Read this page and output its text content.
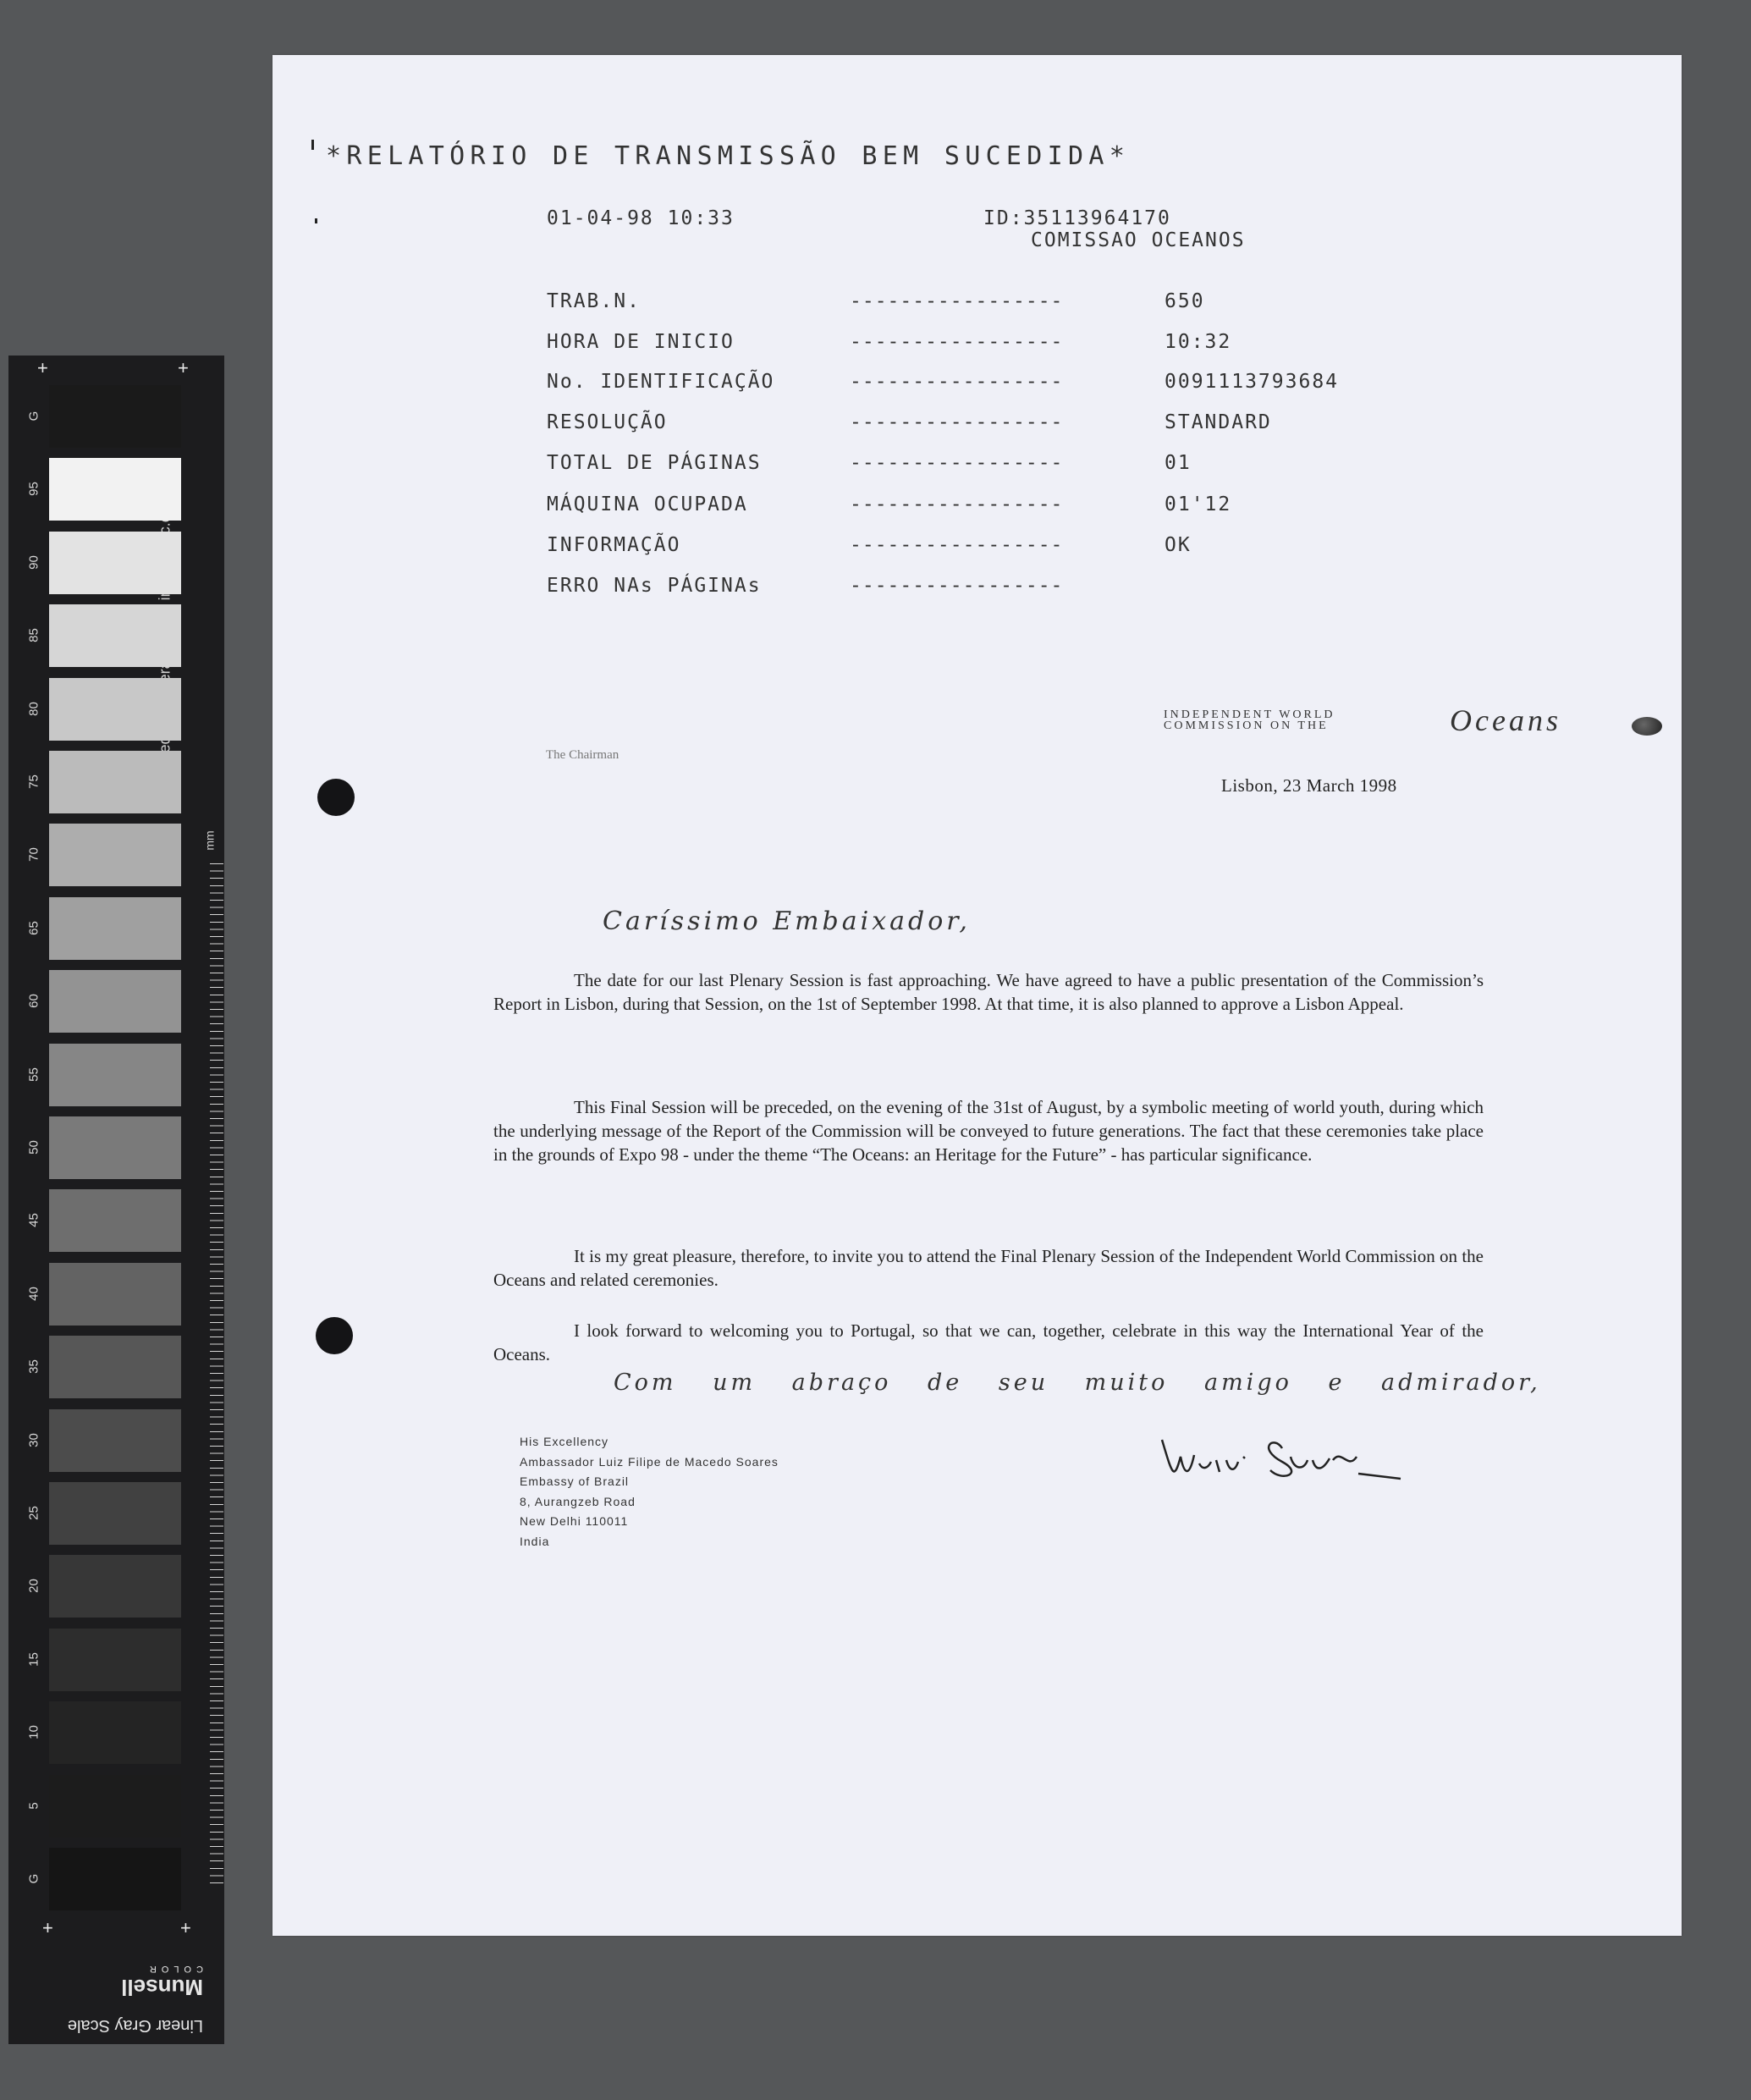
mm
+	+
+	+
Linear Gray Scale
Munsell
COLOR
G
95
90
85
80
75
70
65
60
55
50
45
40
35
30
25
20
15
10
5
G
*RELATÓRIO DE TRANSMISSÃO BEM SUCEDIDA*
01-04-98 10:33	ID:35113964170
COMISSAO OCEANOS
TRAB.N.	-----------------	650
HORA DE INICIO	-----------------	10:32
No. IDENTIFICAÇÃO	-----------------	0091113793684
RESOLUÇÃO	-----------------	STANDARD
TOTAL DE PÁGINAS	-----------------	01
MÁQUINA OCUPADA	-----------------	01'12
INFORMAÇÃO	-----------------	OK
ERRO NAs PÁGINAs	-----------------
INDEPENDENT WORLD
COMMISSION ON THE	Oceans
The Chairman
Lisbon, 23 March 1998
Caríssimo Embaixador,

The date for our last Plenary Session is fast approaching. We have agreed to have a public presentation of the Commission’s Report in Lisbon, during that Session, on the 1st of September 1998. At that time, it is also planned to approve a Lisbon Appeal.

This Final Session will be preceded, on the evening of the 31st of August, by a symbolic meeting of world youth, during which the underlying message of the Report of the Commission will be conveyed to future generations. The fact that these ceremonies take place in the grounds of Expo 98 - under the theme “The Oceans: an Heritage for the Future” - has particular significance.

It is my great pleasure, therefore, to invite you to attend the Final Plenary Session of the Independent World Commission on the Oceans and related ceremonies.

I look forward to welcoming you to Portugal, so that we can, together, celebrate in this way the International Year of the Oceans.

Com um abraço de seu muito amigo e admirador,
His Excellency
Ambassador Luiz Filipe de Macedo Soares
Embassy of Brazil
8, Aurangzeb Road
New Delhi 110011
India
